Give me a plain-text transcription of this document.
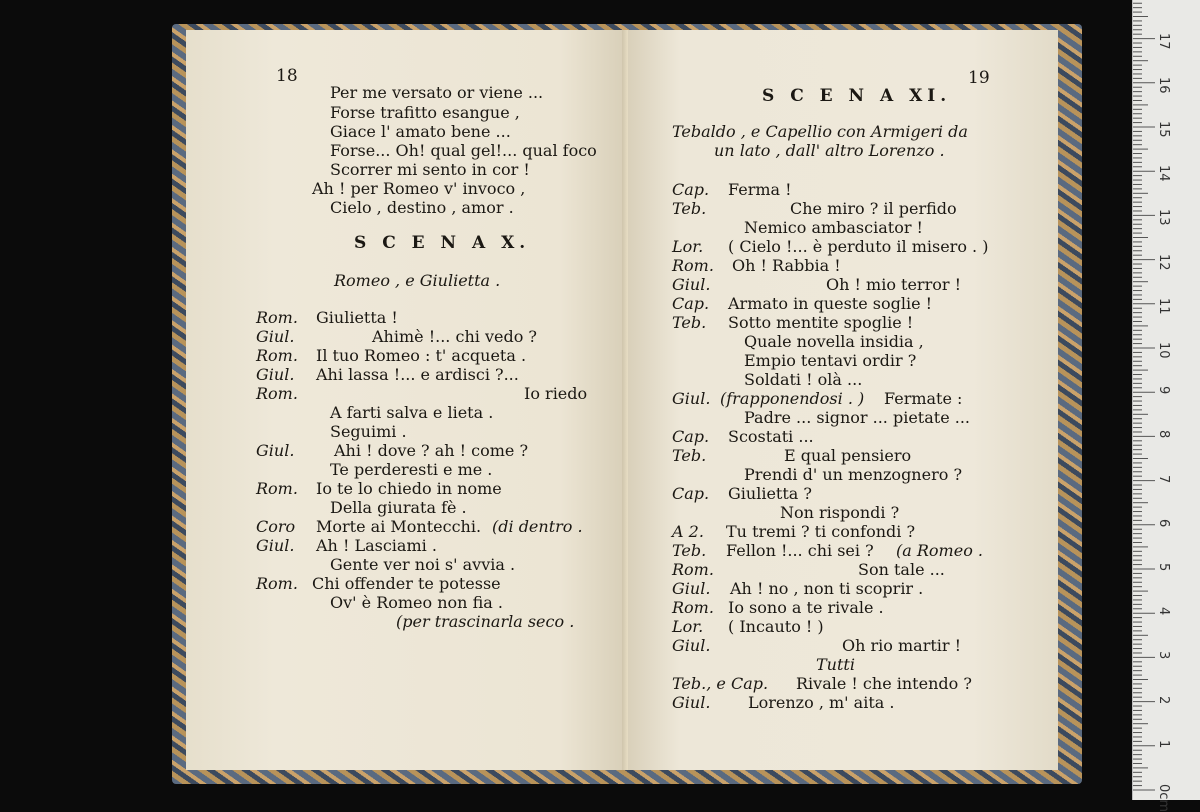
18
Per me versato or viene ...
Forse trafitto esangue ,
Giace l' amato bene ...
Forse... Oh! qual gel!... qual foco
Scorrer mi sento in cor !
Ah ! per Romeo v' invoco ,
Cielo , destino , amor .
S C E N A X.
Romeo , e Giulietta .
Rom. Giulietta !
Giul.	Ahimè !... chi vedo ?
Rom. Il tuo Romeo : t' acqueta .
Giul. Ahi lassa !... e ardisci ?...
Rom.	Io riedo
A farti salva e lieta .
Seguimi .
Giul. Ahi ! dove ? ah ! come ?
Te perderesti e me .
Rom. Io te lo chiedo in nome
Della giurata fè .
Coro Morte ai Montecchi. (di dentro .
Giul. Ah ! Lasciami .
Gente ver noi s' avvia .
Rom. Chi offender te potesse
Ov' è Romeo non fia .
(per trascinarla seco .
19
S C E N A XI.
Tebaldo , e Capellio con Armigeri da
un lato , dall' altro Lorenzo .
Cap. Ferma !
Teb.	Che miro ? il perfido
Nemico ambasciator !
Lor. ( Cielo !... è perduto il misero . )
Rom. Oh ! Rabbia !
Giul.	Oh ! mio terror !
Cap. Armato in queste soglie !
Teb. Sotto mentite spoglie !
Quale novella insidia ,
Empio tentavi ordir ?
Soldati ! olà ...
Giul. (frapponendosi . ) Fermate :
Padre ... signor ... pietate ...
Cap. Scostati ...
Teb.	E qual pensiero
Prendi d' un menzognero ?
Cap. Giulietta ?
Non rispondi ?
A 2. Tu tremi ? ti confondi ?
Teb. Fellon !... chi sei ? (a Romeo .
Rom.	Son tale ...
Giul. Ah ! no , non ti scoprir .
Rom. Io sono a te rivale .
Lor. ( Incauto ! )
Giul.	Oh rio martir !
Tutti
Teb., e Cap. Rivale ! che intendo ?
Giul. Lorenzo , m' aita .
17
16
15
14
13
12
11
10
9
8
7
6
5
4
3
2
1
0cm
